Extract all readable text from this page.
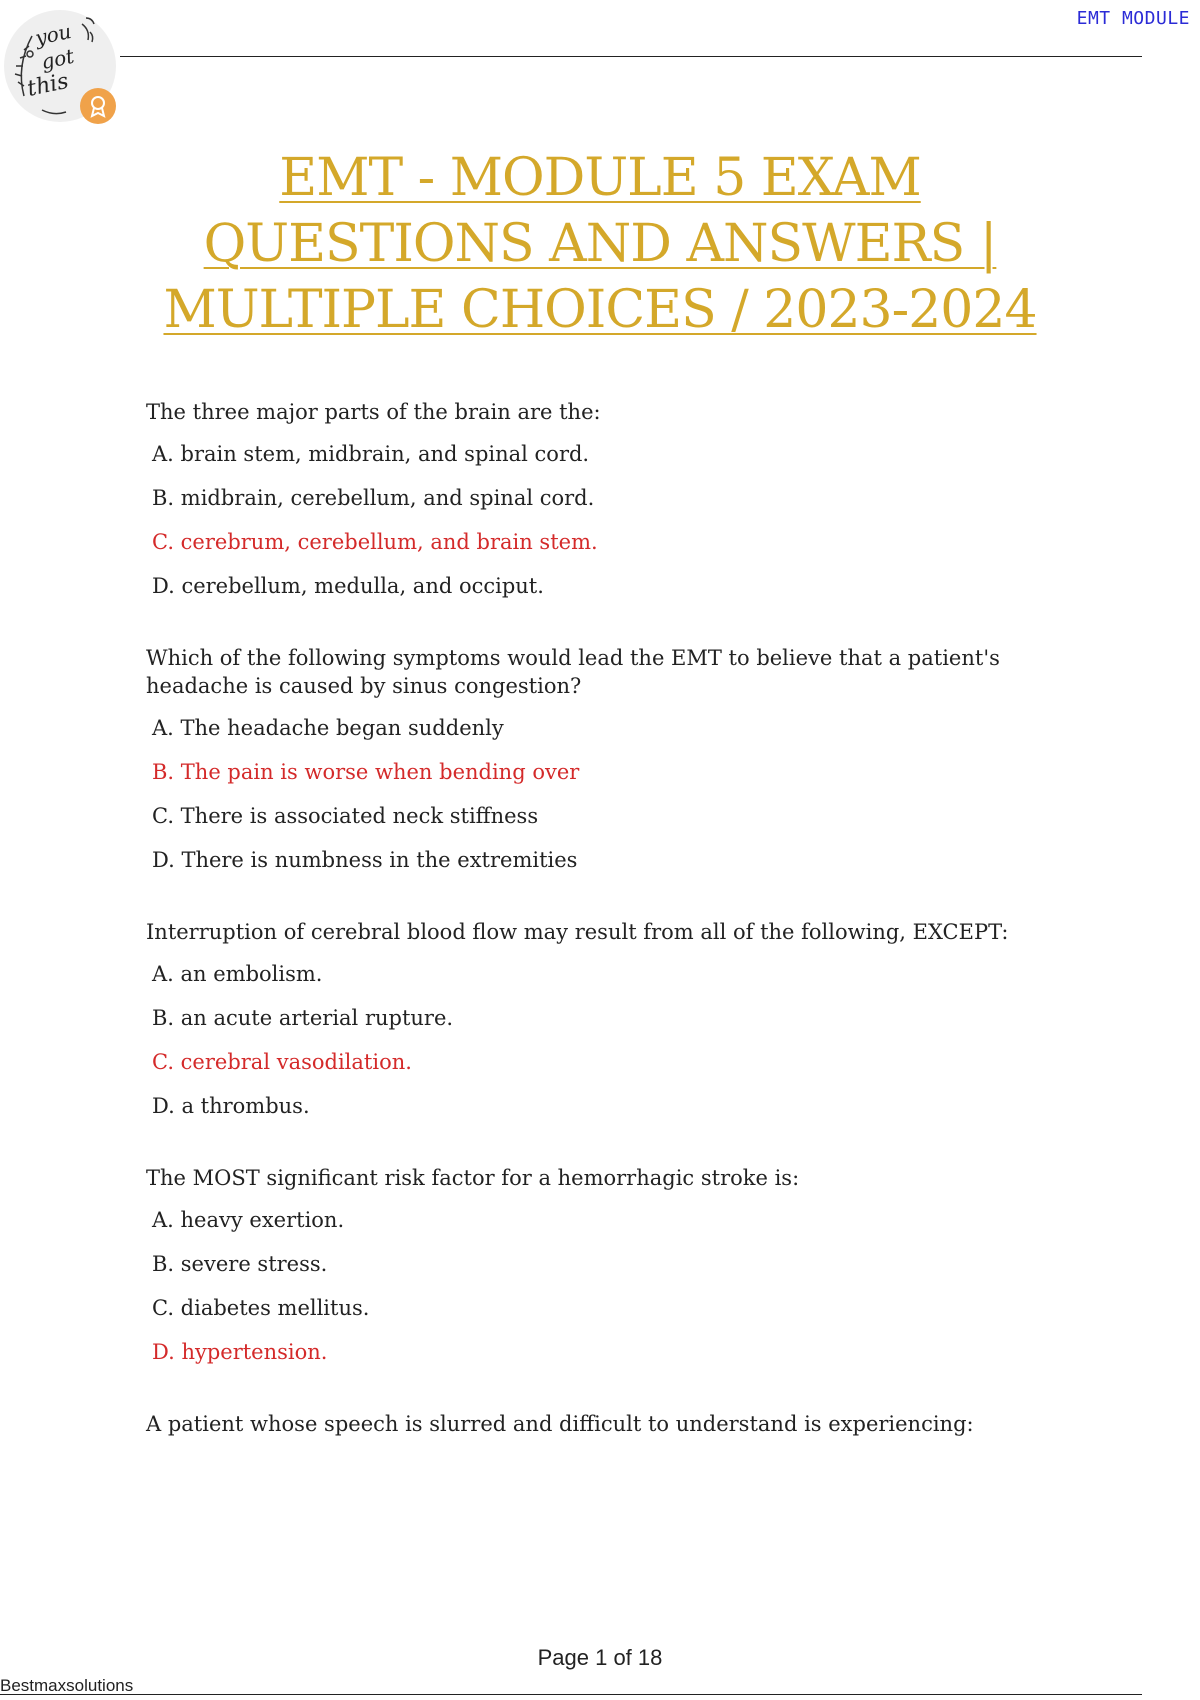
EMT MODULE
you
got
this
EMT - MODULE 5 EXAM
QUESTIONS AND ANSWERS |
MULTIPLE CHOICES / 2023-2024

The three major parts of the brain are the:

A. brain stem, midbrain, and spinal cord.

B. midbrain, cerebellum, and spinal cord.

C. cerebrum, cerebellum, and brain stem.

D. cerebellum, medulla, and occiput.

Which of the following symptoms would lead the EMT to believe that a patient's headache is caused by sinus congestion?

A. The headache began suddenly

B. The pain is worse when bending over

C. There is associated neck stiffness

D. There is numbness in the extremities

Interruption of cerebral blood flow may result from all of the following, EXCEPT:

A. an embolism.

B. an acute arterial rupture.

C. cerebral vasodilation.

D. a thrombus.

The MOST significant risk factor for a hemorrhagic stroke is:

A. heavy exertion.

B. severe stress.

C. diabetes mellitus.

D. hypertension.

A patient whose speech is slurred and difficult to understand is experiencing:

Page 1 of 18
Bestmaxsolutions
